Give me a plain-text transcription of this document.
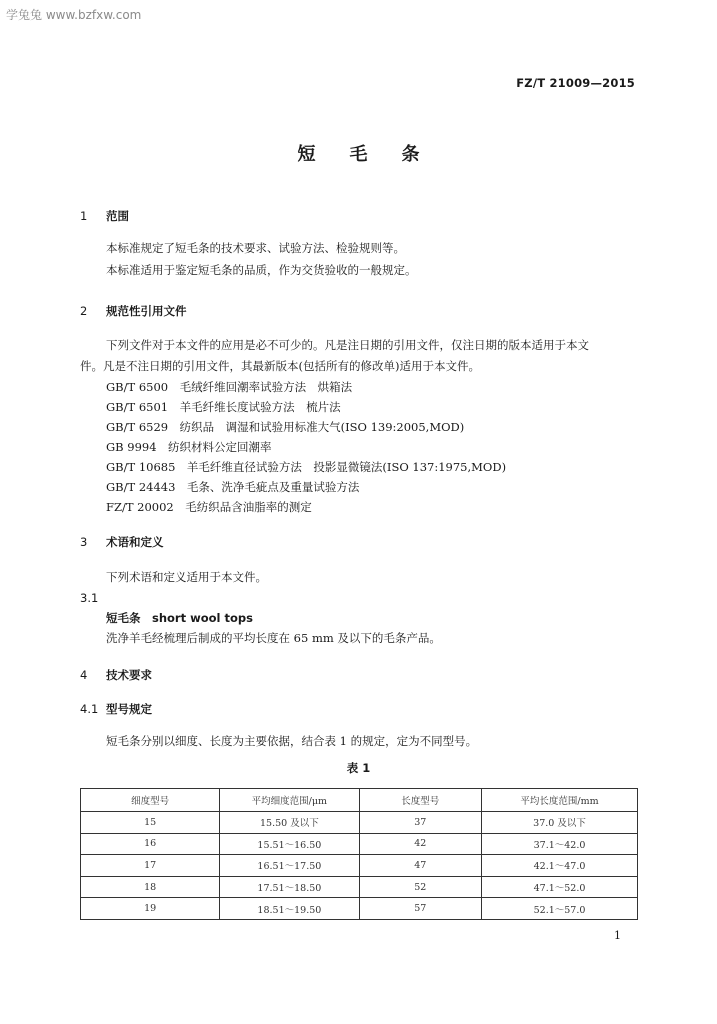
学兔兔 www.bzfxw.com
FZ/T 21009—2015
短 毛 条
1 范围
本标准规定了短毛条的技术要求、试验方法、检验规则等。
本标准适用于鉴定短毛条的品质，作为交货验收的一般规定。
2 规范性引用文件
下列文件对于本文件的应用是必不可少的。凡是注日期的引用文件，仅注日期的版本适用于本文
件。凡是不注日期的引用文件，其最新版本(包括所有的修改单)适用于本文件。
GB/T 6500　毛绒纤维回潮率试验方法　烘箱法
GB/T 6501　羊毛纤维长度试验方法　梳片法
GB/T 6529　纺织品　调湿和试验用标准大气(ISO 139:2005,MOD)
GB 9994　纺织材料公定回潮率
GB/T 10685　羊毛纤维直径试验方法　投影显微镜法(ISO 137:1975,MOD)
GB/T 24443　毛条、洗净毛疵点及重量试验方法
FZ/T 20002　毛纺织品含油脂率的测定
3 术语和定义
下列术语和定义适用于本文件。
3.1
短毛条　short wool tops
洗净羊毛经梳理后制成的平均长度在 65 mm 及以下的毛条产品。
4 技术要求
4.1 型号规定
短毛条分别以细度、长度为主要依据，结合表 1 的规定，定为不同型号。
表 1
细度型号	平均细度范围/μm	长度型号	平均长度范围/mm
15	15.50 及以下	37	37.0 及以下
16	15.51～16.50	42	37.1～42.0
17	16.51～17.50	47	42.1～47.0
18	17.51～18.50	52	47.1～52.0
19	18.51～19.50	57	52.1～57.0
1
